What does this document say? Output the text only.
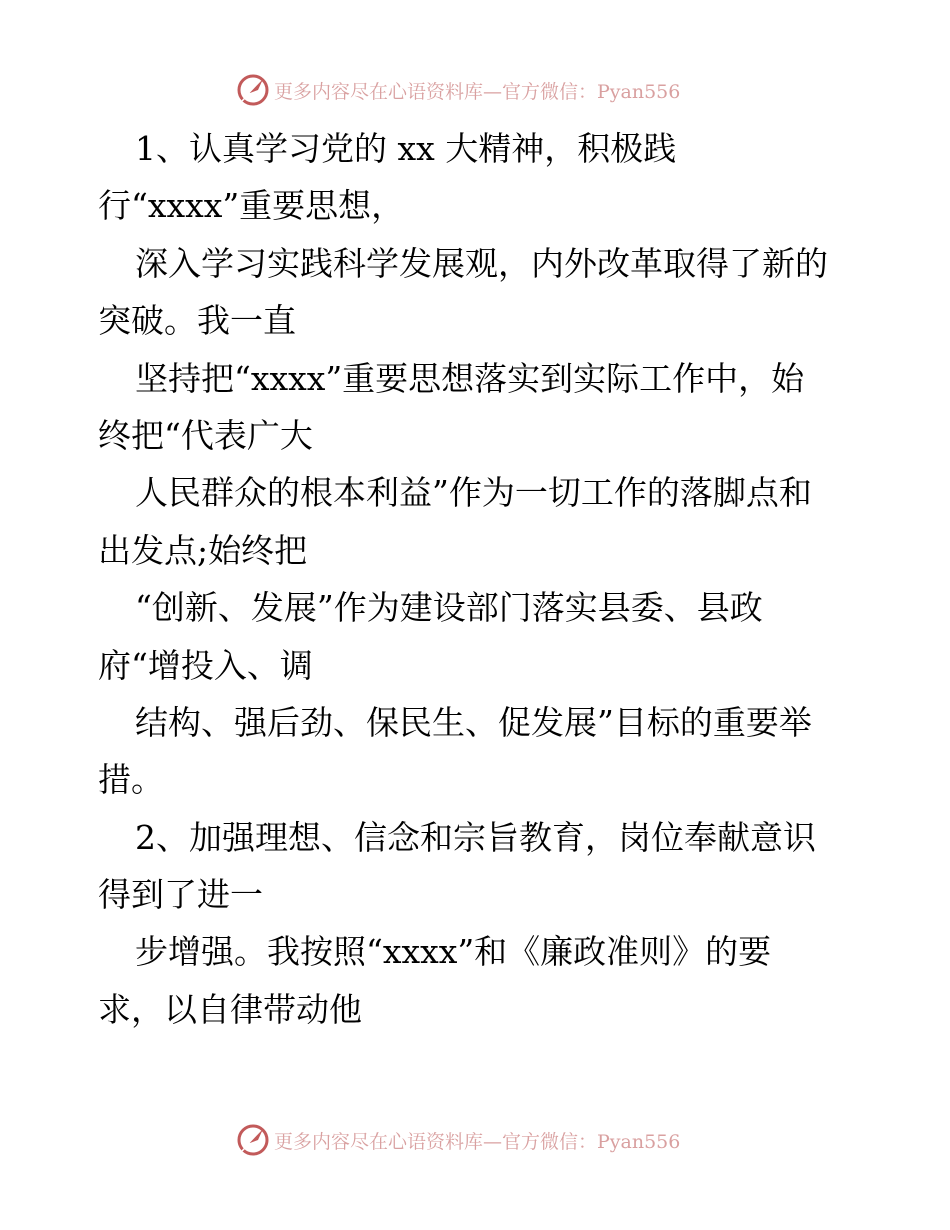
更多内容尽在心语资料库—官方微信：Pyan556
1、认真学习党的 xx 大精神，积极践
行“xxxx”重要思想，
深入学习实践科学发展观，内外改革取得了新的
突破。我一直
坚持把“xxxx”重要思想落实到实际工作中，始
终把“代表广大
人民群众的根本利益”作为一切工作的落脚点和
出发点;始终把
“创新、发展”作为建设部门落实县委、县政
府“增投入、调
结构、强后劲、保民生、促发展”目标的重要举
措。
2、加强理想、信念和宗旨教育，岗位奉献意识
得到了进一
步增强。我按照“xxxx”和《廉政准则》的要
求，以自律带动他
更多内容尽在心语资料库—官方微信：Pyan556
